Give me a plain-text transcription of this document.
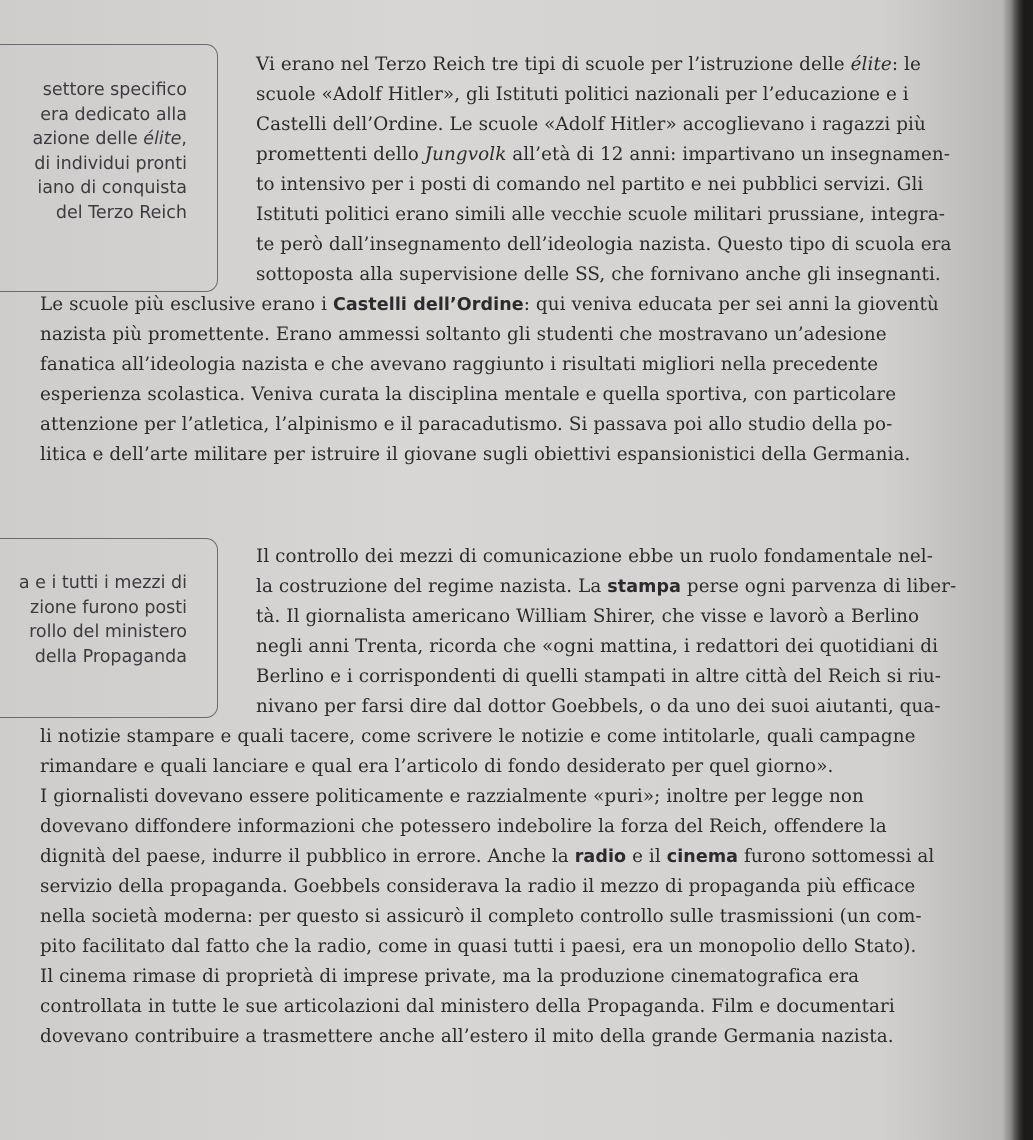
settore specifico
era dedicato alla
azione delle élite,
di individui pronti
iano di conquista
del Terzo Reich
a e i tutti i mezzi di
zione furono posti
rollo del ministero
della Propaganda
Vi erano nel Terzo Reich tre tipi di scuole per l’istruzione delle élite: le
scuole «Adolf Hitler», gli Istituti politici nazionali per l’educazione e i
Castelli dell’Ordine. Le scuole «Adolf Hitler» accoglievano i ragazzi più
promettenti dello Jungvolk all’età di 12 anni: impartivano un insegnamen-
to intensivo per i posti di comando nel partito e nei pubblici servizi. Gli
Istituti politici erano simili alle vecchie scuole militari prussiane, integra-
te però dall’insegnamento dell’ideologia nazista. Questo tipo di scuola era
sottoposta alla supervisione delle SS, che fornivano anche gli insegnanti.
Le scuole più esclusive erano i Castelli dell’Ordine: qui veniva educata per sei anni la gioventù
nazista più promettente. Erano ammessi soltanto gli studenti che mostravano un’adesione
fanatica all’ideologia nazista e che avevano raggiunto i risultati migliori nella precedente
esperienza scolastica. Veniva curata la disciplina mentale e quella sportiva, con particolare
attenzione per l’atletica, l’alpinismo e il paracadutismo. Si passava poi allo studio della po-
litica e dell’arte militare per istruire il giovane sugli obiettivi espansionistici della Germania.
Il controllo dei mezzi di comunicazione ebbe un ruolo fondamentale nel-
la costruzione del regime nazista. La stampa perse ogni parvenza di liber-
tà. Il giornalista americano William Shirer, che visse e lavorò a Berlino
negli anni Trenta, ricorda che «ogni mattina, i redattori dei quotidiani di
Berlino e i corrispondenti di quelli stampati in altre città del Reich si riu-
nivano per farsi dire dal dottor Goebbels, o da uno dei suoi aiutanti, qua-
li notizie stampare e quali tacere, come scrivere le notizie e come intitolarle, quali campagne
rimandare e quali lanciare e qual era l’articolo di fondo desiderato per quel giorno».
I giornalisti dovevano essere politicamente e razzialmente «puri»; inoltre per legge non
dovevano diffondere informazioni che potessero indebolire la forza del Reich, offendere la
dignità del paese, indurre il pubblico in errore. Anche la radio e il cinema furono sottomessi al
servizio della propaganda. Goebbels considerava la radio il mezzo di propaganda più efficace
nella società moderna: per questo si assicurò il completo controllo sulle trasmissioni (un com-
pito facilitato dal fatto che la radio, come in quasi tutti i paesi, era un monopolio dello Stato).
Il cinema rimase di proprietà di imprese private, ma la produzione cinematografica era
controllata in tutte le sue articolazioni dal ministero della Propaganda. Film e documentari
dovevano contribuire a trasmettere anche all’estero il mito della grande Germania nazista.
